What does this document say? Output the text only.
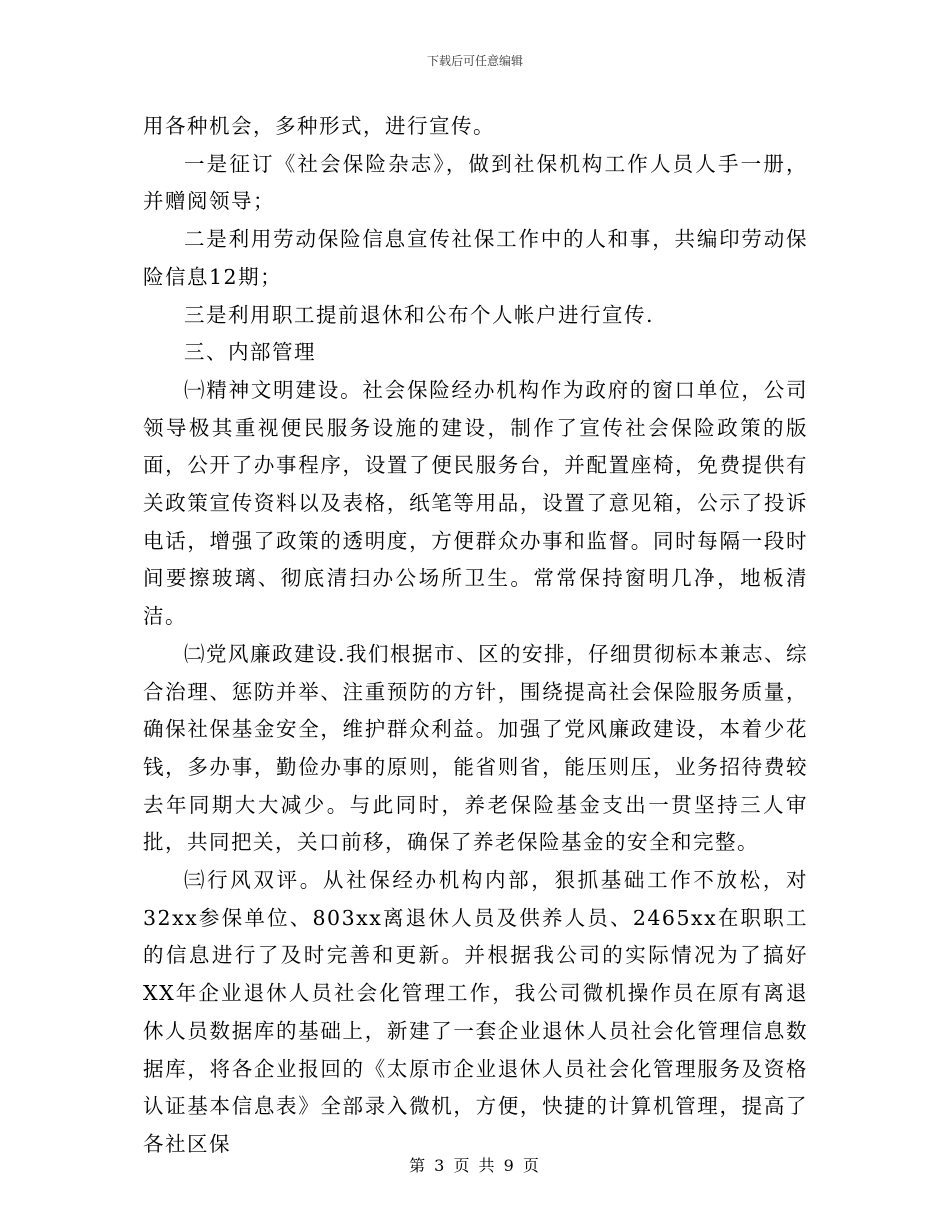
下载后可任意编辑

用各种机会，多种形式，进行宣传。

一是征订《社会保险杂志》，做到社保机构工作人员人手一册，并赠阅领导；

二是利用劳动保险信息宣传社保工作中的人和事，共编印劳动保险信息12期；

三是利用职工提前退休和公布个人帐户进行宣传.

三、内部管理

㈠精神文明建设。社会保险经办机构作为政府的窗口单位，公司领导极其重视便民服务设施的建设，制作了宣传社会保险政策的版面，公开了办事程序，设置了便民服务台，并配置座椅，免费提供有关政策宣传资料以及表格，纸笔等用品，设置了意见箱，公示了投诉电话，增强了政策的透明度，方便群众办事和监督。同时每隔一段时间要擦玻璃、彻底清扫办公场所卫生。常常保持窗明几净，地板清洁。

㈡党风廉政建设.我们根据市、区的安排，仔细贯彻标本兼志、综合治理、惩防并举、注重预防的方针，围绕提高社会保险服务质量，确保社保基金安全，维护群众利益。加强了党风廉政建设，本着少花钱，多办事，勤俭办事的原则，能省则省，能压则压，业务招待费较去年同期大大减少。与此同时，养老保险基金支出一贯坚持三人审批，共同把关，关口前移，确保了养老保险基金的安全和完整。

㈢行风双评。从社保经办机构内部，狠抓基础工作不放松，对32xx参保单位、803xx离退休人员及供养人员、2465xx在职职工的信息进行了及时完善和更新。并根据我公司的实际情况为了搞好XX年企业退休人员社会化管理工作，我公司微机操作员在原有离退休人员数据库的基础上，新建了一套企业退休人员社会化管理信息数据库，将各企业报回的《太原市企业退休人员社会化管理服务及资格认证基本信息表》全部录入微机，方便，快捷的计算机管理，提高了各社区保

第 3 页 共 9 页
